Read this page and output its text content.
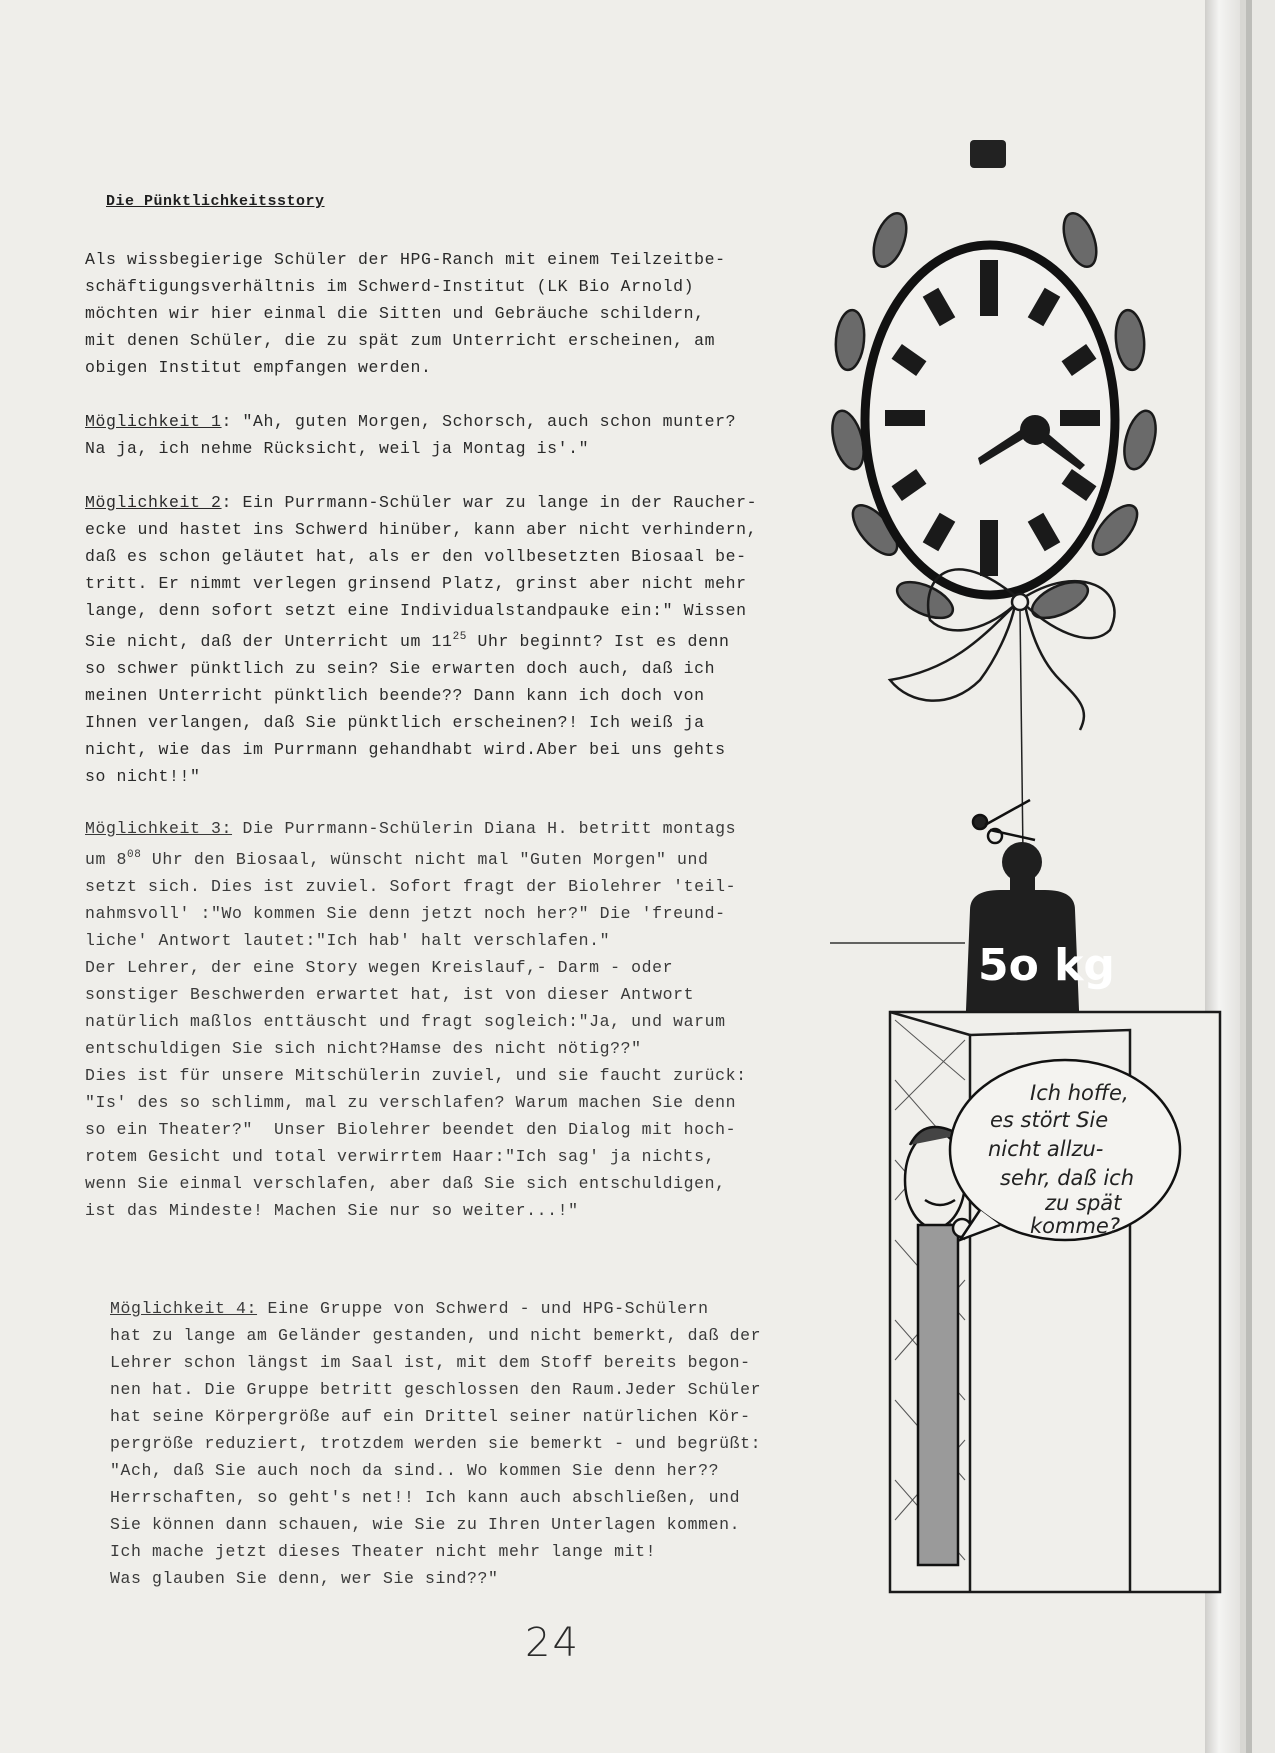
Die Pünktlichkeitsstory
Als wissbegierige Schüler der HPG-Ranch mit einem Teilzeitbe-
schäftigungsverhältnis im Schwerd-Institut (LK Bio Arnold)
möchten wir hier einmal die Sitten und Gebräuche schildern,
mit denen Schüler, die zu spät zum Unterricht erscheinen, am
obigen Institut empfangen werden.
Möglichkeit 1: "Ah, guten Morgen, Schorsch, auch schon munter?
Na ja, ich nehme Rücksicht, weil ja Montag is'."
Möglichkeit 2: Ein Purrmann-Schüler war zu lange in der Raucher-
ecke und hastet ins Schwerd hinüber, kann aber nicht verhindern,
daß es schon geläutet hat, als er den vollbesetzten Biosaal be-
tritt. Er nimmt verlegen grinsend Platz, grinst aber nicht mehr
lange, denn sofort setzt eine Individualstandpauke ein:" Wissen
Sie nicht, daß der Unterricht um $11^{25}$ Uhr beginnt? Ist es denn
so schwer pünktlich zu sein? Sie erwarten doch auch, daß ich
meinen Unterricht pünktlich beende?? Dann kann ich doch von
Ihnen verlangen, daß Sie pünktlich erscheinen?! Ich weiß ja
nicht, wie das im Purrmann gehandhabt wird.Aber bei uns gehts
so nicht!!"
Möglichkeit 3: Die Purrmann-Schülerin Diana H. betritt montags
um $8^{08}$ Uhr den Biosaal, wünscht nicht mal "Guten Morgen" und
setzt sich. Dies ist zuviel. Sofort fragt der Biolehrer 'teil-
nahmsvoll' :"Wo kommen Sie denn jetzt noch her?" Die 'freund-
liche' Antwort lautet:"Ich hab' halt verschlafen."
Der Lehrer, der eine Story wegen Kreislauf,- Darm - oder
sonstiger Beschwerden erwartet hat, ist von dieser Antwort
natürlich maßlos enttäuscht und fragt sogleich:"Ja, und warum
entschuldigen Sie sich nicht?Hamse des nicht nötig??"
Dies ist für unsere Mitschülerin zuviel, und sie faucht zurück:
"Is' des so schlimm, mal zu verschlafen? Warum machen Sie denn
so ein Theater?"  Unser Biolehrer beendet den Dialog mit hoch-
rotem Gesicht und total verwirrtem Haar:"Ich sag' ja nichts,
wenn Sie einmal verschlafen, aber daß Sie sich entschuldigen,
ist das Mindeste! Machen Sie nur so weiter...!"
Möglichkeit 4: Eine Gruppe von Schwerd - und HPG-Schülern
hat zu lange am Geländer gestanden, und nicht bemerkt, daß der
Lehrer schon längst im Saal ist, mit dem Stoff bereits begon-
nen hat. Die Gruppe betritt geschlossen den Raum.Jeder Schüler
hat seine Körpergröße auf ein Drittel seiner natürlichen Kör-
pergröße reduziert, trotzdem werden sie bemerkt - und begrüßt:
"Ach, daß Sie auch noch da sind.. Wo kommen Sie denn her??
Herrschaften, so geht's net!! Ich kann auch abschließen, und
Sie können dann schauen, wie Sie zu Ihren Unterlagen kommen.
Ich mache jetzt dieses Theater nicht mehr lange mit!
Was glauben Sie denn, wer Sie sind??"
24
5o kg
Ich hoffe,
es stört Sie
nicht allzu-
sehr, daß ich
zu spät
komme?
